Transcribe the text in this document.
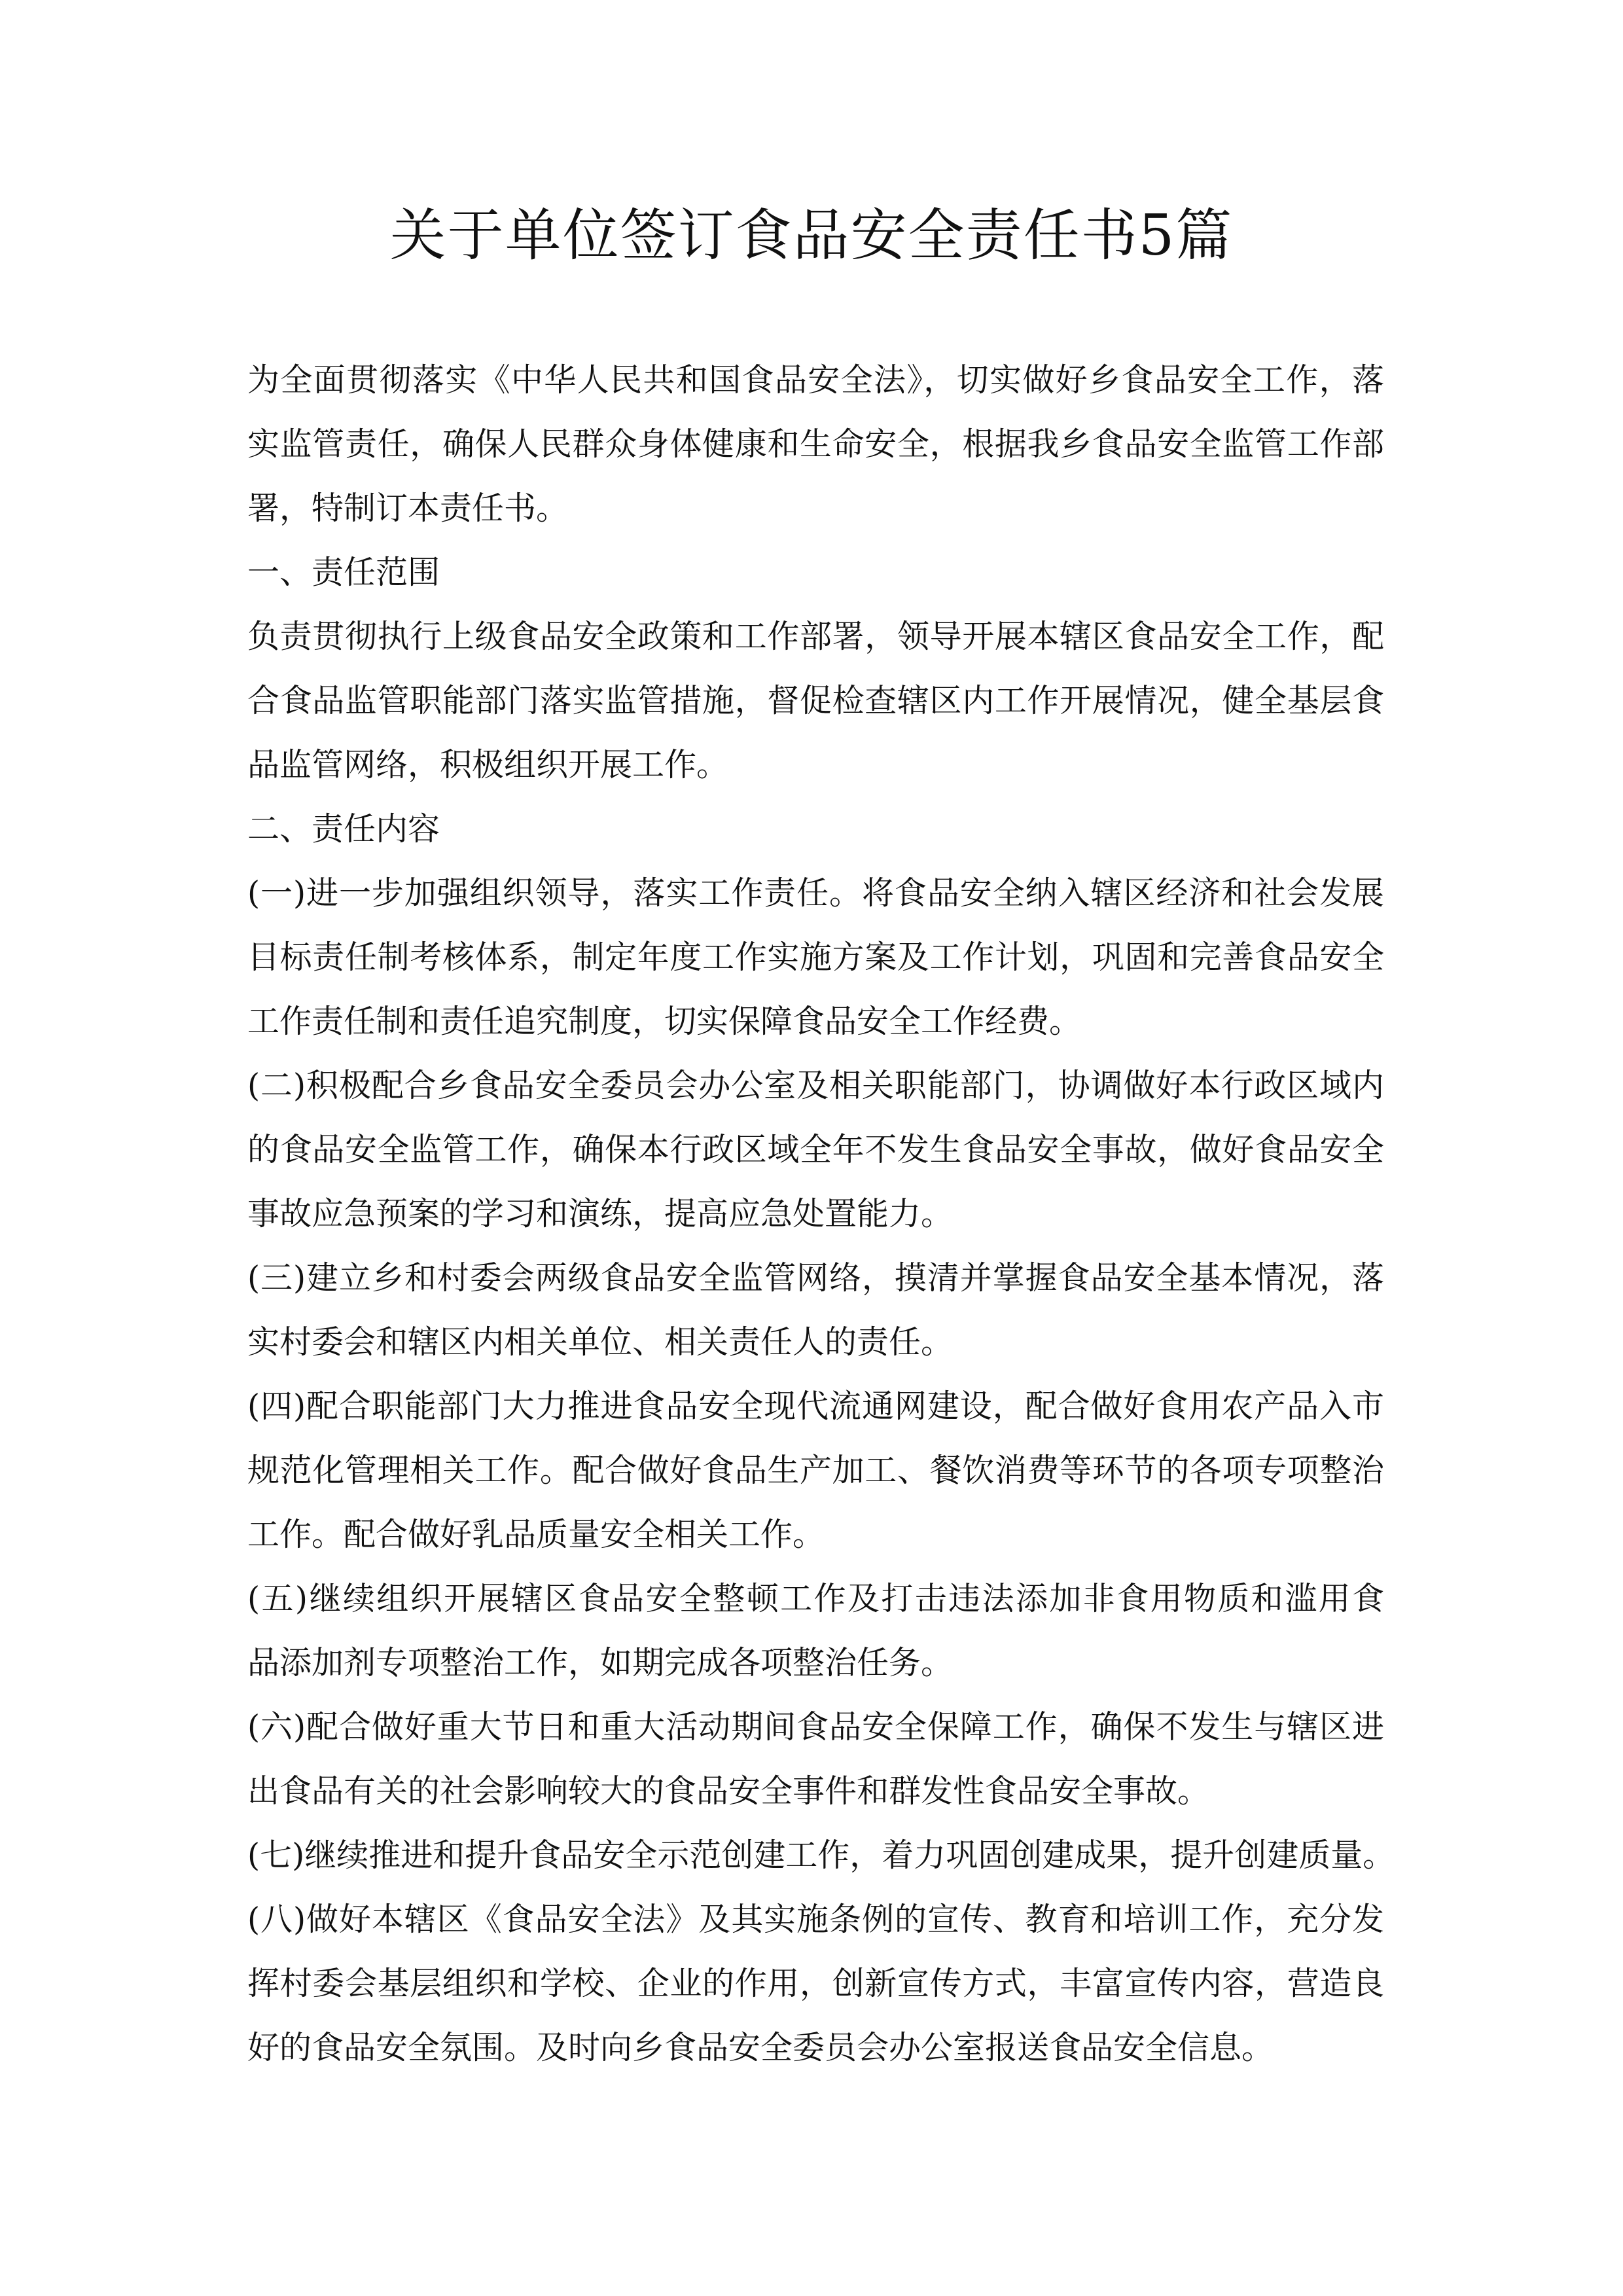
关于单位签订食品安全责任书5篇
为全面贯彻落实《中华人民共和国食品安全法》，切实做好乡食品安全工作，落
实监管责任，确保人民群众身体健康和生命安全，根据我乡食品安全监管工作部
署，特制订本责任书。
一、责任范围
负责贯彻执行上级食品安全政策和工作部署，领导开展本辖区食品安全工作，配
合食品监管职能部门落实监管措施，督促检查辖区内工作开展情况，健全基层食
品监管网络，积极组织开展工作。
二、责任内容
(一)进一步加强组织领导，落实工作责任。将食品安全纳入辖区经济和社会发展
目标责任制考核体系，制定年度工作实施方案及工作计划，巩固和完善食品安全
工作责任制和责任追究制度，切实保障食品安全工作经费。
(二)积极配合乡食品安全委员会办公室及相关职能部门，协调做好本行政区域内
的食品安全监管工作，确保本行政区域全年不发生食品安全事故，做好食品安全
事故应急预案的学习和演练，提高应急处置能力。
(三)建立乡和村委会两级食品安全监管网络，摸清并掌握食品安全基本情况，落
实村委会和辖区内相关单位、相关责任人的责任。
(四)配合职能部门大力推进食品安全现代流通网建设，配合做好食用农产品入市
规范化管理相关工作。配合做好食品生产加工、餐饮消费等环节的各项专项整治
工作。配合做好乳品质量安全相关工作。
(五)继续组织开展辖区食品安全整顿工作及打击违法添加非食用物质和滥用食
品添加剂专项整治工作，如期完成各项整治任务。
(六)配合做好重大节日和重大活动期间食品安全保障工作，确保不发生与辖区进
出食品有关的社会影响较大的食品安全事件和群发性食品安全事故。
(七)继续推进和提升食品安全示范创建工作，着力巩固创建成果，提升创建质量。
(八)做好本辖区《食品安全法》及其实施条例的宣传、教育和培训工作，充分发
挥村委会基层组织和学校、企业的作用，创新宣传方式，丰富宣传内容，营造良
好的食品安全氛围。及时向乡食品安全委员会办公室报送食品安全信息。
